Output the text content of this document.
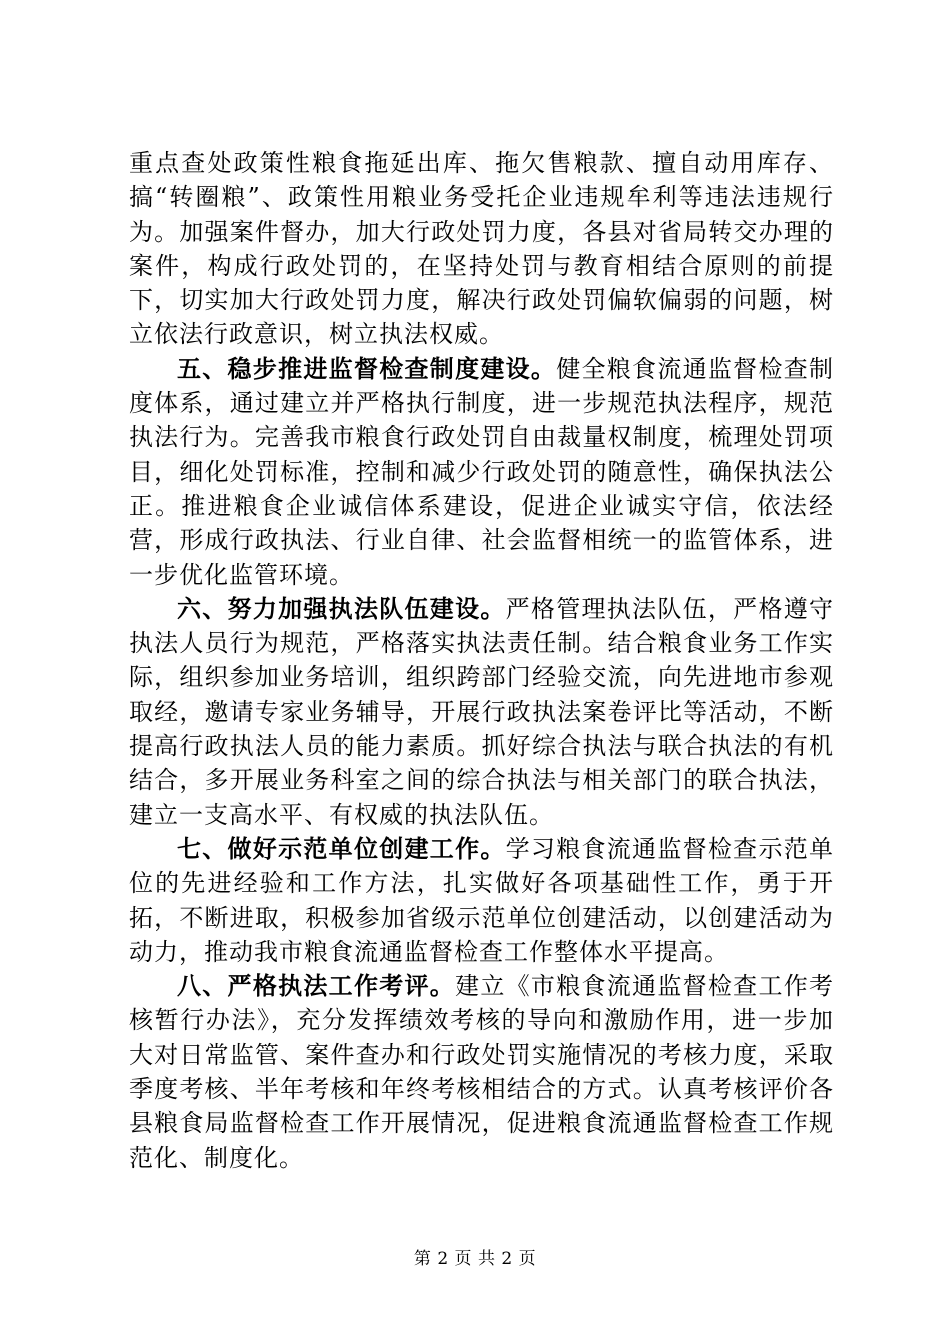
重点查处政策性粮食拖延出库、拖欠售粮款、擅自动用库存、搞“转圈粮”、政策性用粮业务受托企业违规牟利等违法违规行为。加强案件督办，加大行政处罚力度，各县对省局转交办理的案件，构成行政处罚的，在坚持处罚与教育相结合原则的前提下，切实加大行政处罚力度，解决行政处罚偏软偏弱的问题，树立依法行政意识，树立执法权威。

五、稳步推进监督检查制度建设。健全粮食流通监督检查制度体系，通过建立并严格执行制度，进一步规范执法程序，规范执法行为。完善我市粮食行政处罚自由裁量权制度，梳理处罚项目，细化处罚标准，控制和减少行政处罚的随意性，确保执法公正。推进粮食企业诚信体系建设，促进企业诚实守信，依法经营，形成行政执法、行业自律、社会监督相统一的监管体系，进一步优化监管环境。

六、努力加强执法队伍建设。严格管理执法队伍，严格遵守执法人员行为规范，严格落实执法责任制。结合粮食业务工作实际，组织参加业务培训，组织跨部门经验交流，向先进地市参观取经，邀请专家业务辅导，开展行政执法案卷评比等活动，不断提高行政执法人员的能力素质。抓好综合执法与联合执法的有机结合，多开展业务科室之间的综合执法与相关部门的联合执法，建立一支高水平、有权威的执法队伍。

七、做好示范单位创建工作。学习粮食流通监督检查示范单位的先进经验和工作方法，扎实做好各项基础性工作，勇于开拓，不断进取，积极参加省级示范单位创建活动，以创建活动为动力，推动我市粮食流通监督检查工作整体水平提高。

八、严格执法工作考评。建立《市粮食流通监督检查工作考核暂行办法》，充分发挥绩效考核的导向和激励作用，进一步加大对日常监管、案件查办和行政处罚实施情况的考核力度，采取季度考核、半年考核和年终考核相结合的方式。认真考核评价各县粮食局监督检查工作开展情况，促进粮食流通监督检查工作规范化、制度化。

第 2 页 共 2 页
